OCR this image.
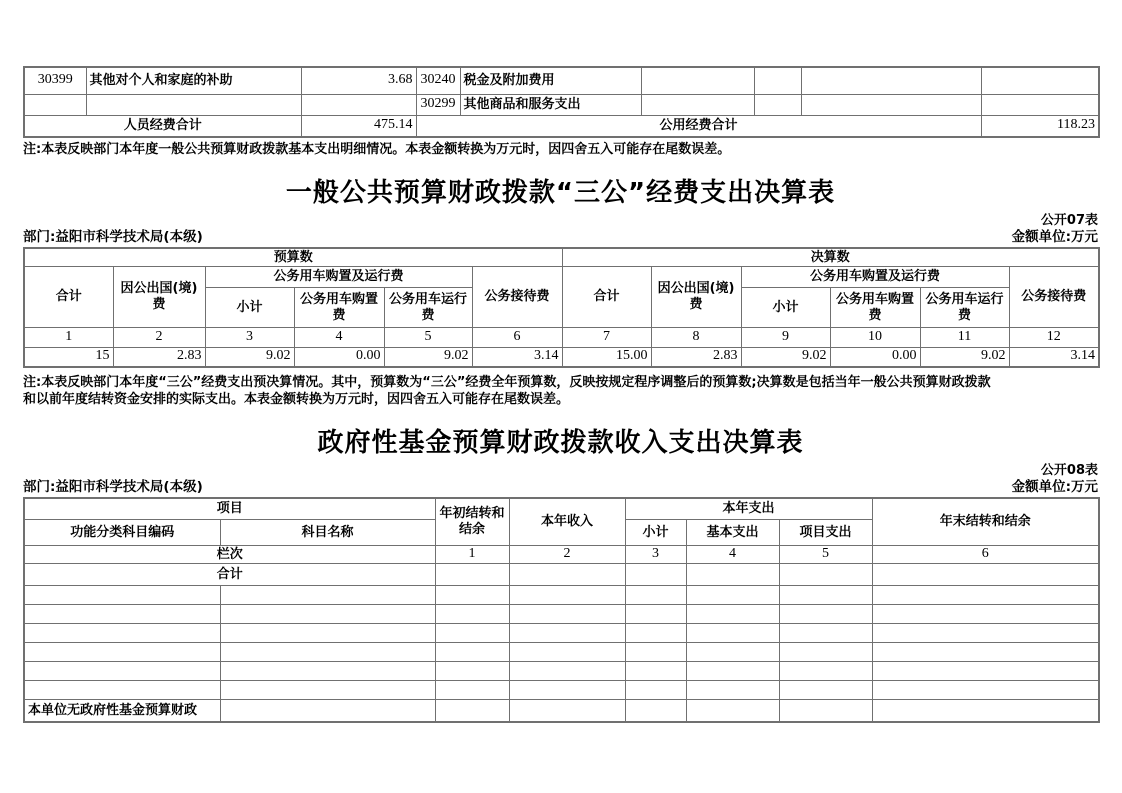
30399	其他对个人和家庭的补助	3.68	30240	税金及附加费用				
			30299	其他商品和服务支出				
人员经费合计		475.14	公用经费合计					118.23
注:本表反映部门本年度一般公共预算财政拨款基本支出明细情况。本表金额转换为万元时，因四舍五入可能存在尾数误差。
一般公共预算财政拨款“三公”经费支出决算表
公开07表
部门:益阳市科学技术局(本级)	金额单位:万元
预算数						决算数					
合计	因公出国(境)费	公务用车购置及运行费			公务接待费	合计	因公出国(境)费	公务用车购置及运行费			公务接待费
		小计	公务用车购置费	公务用车运行费				小计	公务用车购置费	公务用车运行费	
1	2	3	4	5	6	7	8	9	10	11	12
15	2.83	9.02	0.00	9.02	3.14	15.00	2.83	9.02	0.00	9.02	3.14
注:本表反映部门本年度“三公”经费支出预决算情况。其中，预算数为“三公”经费全年预算数，反映按规定程序调整后的预算数;决算数是包括当年一般公共预算财政拨款
和以前年度结转资金安排的实际支出。本表金额转换为万元时，因四舍五入可能存在尾数误差。
政府性基金预算财政拨款收入支出决算表
公开08表
部门:益阳市科学技术局(本级)	金额单位:万元
项目		年初结转和结余	本年收入	本年支出			年末结转和结余
功能分类科目编码	科目名称			小计	基本支出	项目支出	
栏次		1	2	3	4	5	6
合计							

本单位无政府性基金预算财政							
